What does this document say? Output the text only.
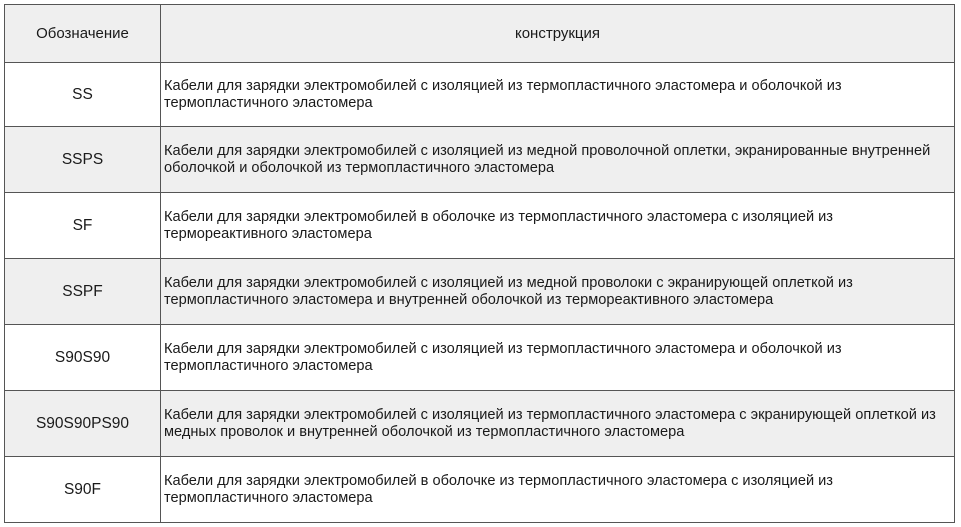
Обозначение	конструкция
SS	Кабели для зарядки электромобилей с изоляцией из термопластичного эластомера и оболочкой из термопластичного эластомера
SSPS	Кабели для зарядки электромобилей с изоляцией из медной проволочной оплетки, экранированные внутренней оболочкой и оболочкой из термопластичного эластомера
SF	Кабели для зарядки электромобилей в оболочке из термопластичного эластомера с изоляцией из термореактивного эластомера
SSPF	Кабели для зарядки электромобилей с изоляцией из медной проволоки с экранирующей оплеткой из термопластичного эластомера и внутренней оболочкой из термореактивного эластомера
S90S90	Кабели для зарядки электромобилей с изоляцией из термопластичного эластомера и оболочкой из термопластичного эластомера
S90S90PS90	Кабели для зарядки электромобилей с изоляцией из термопластичного эластомера с экранирующей оплеткой из медных проволок и внутренней оболочкой из термопластичного эластомера
S90F	Кабели для зарядки электромобилей в оболочке из термопластичного эластомера с изоляцией из термопластичного эластомера
